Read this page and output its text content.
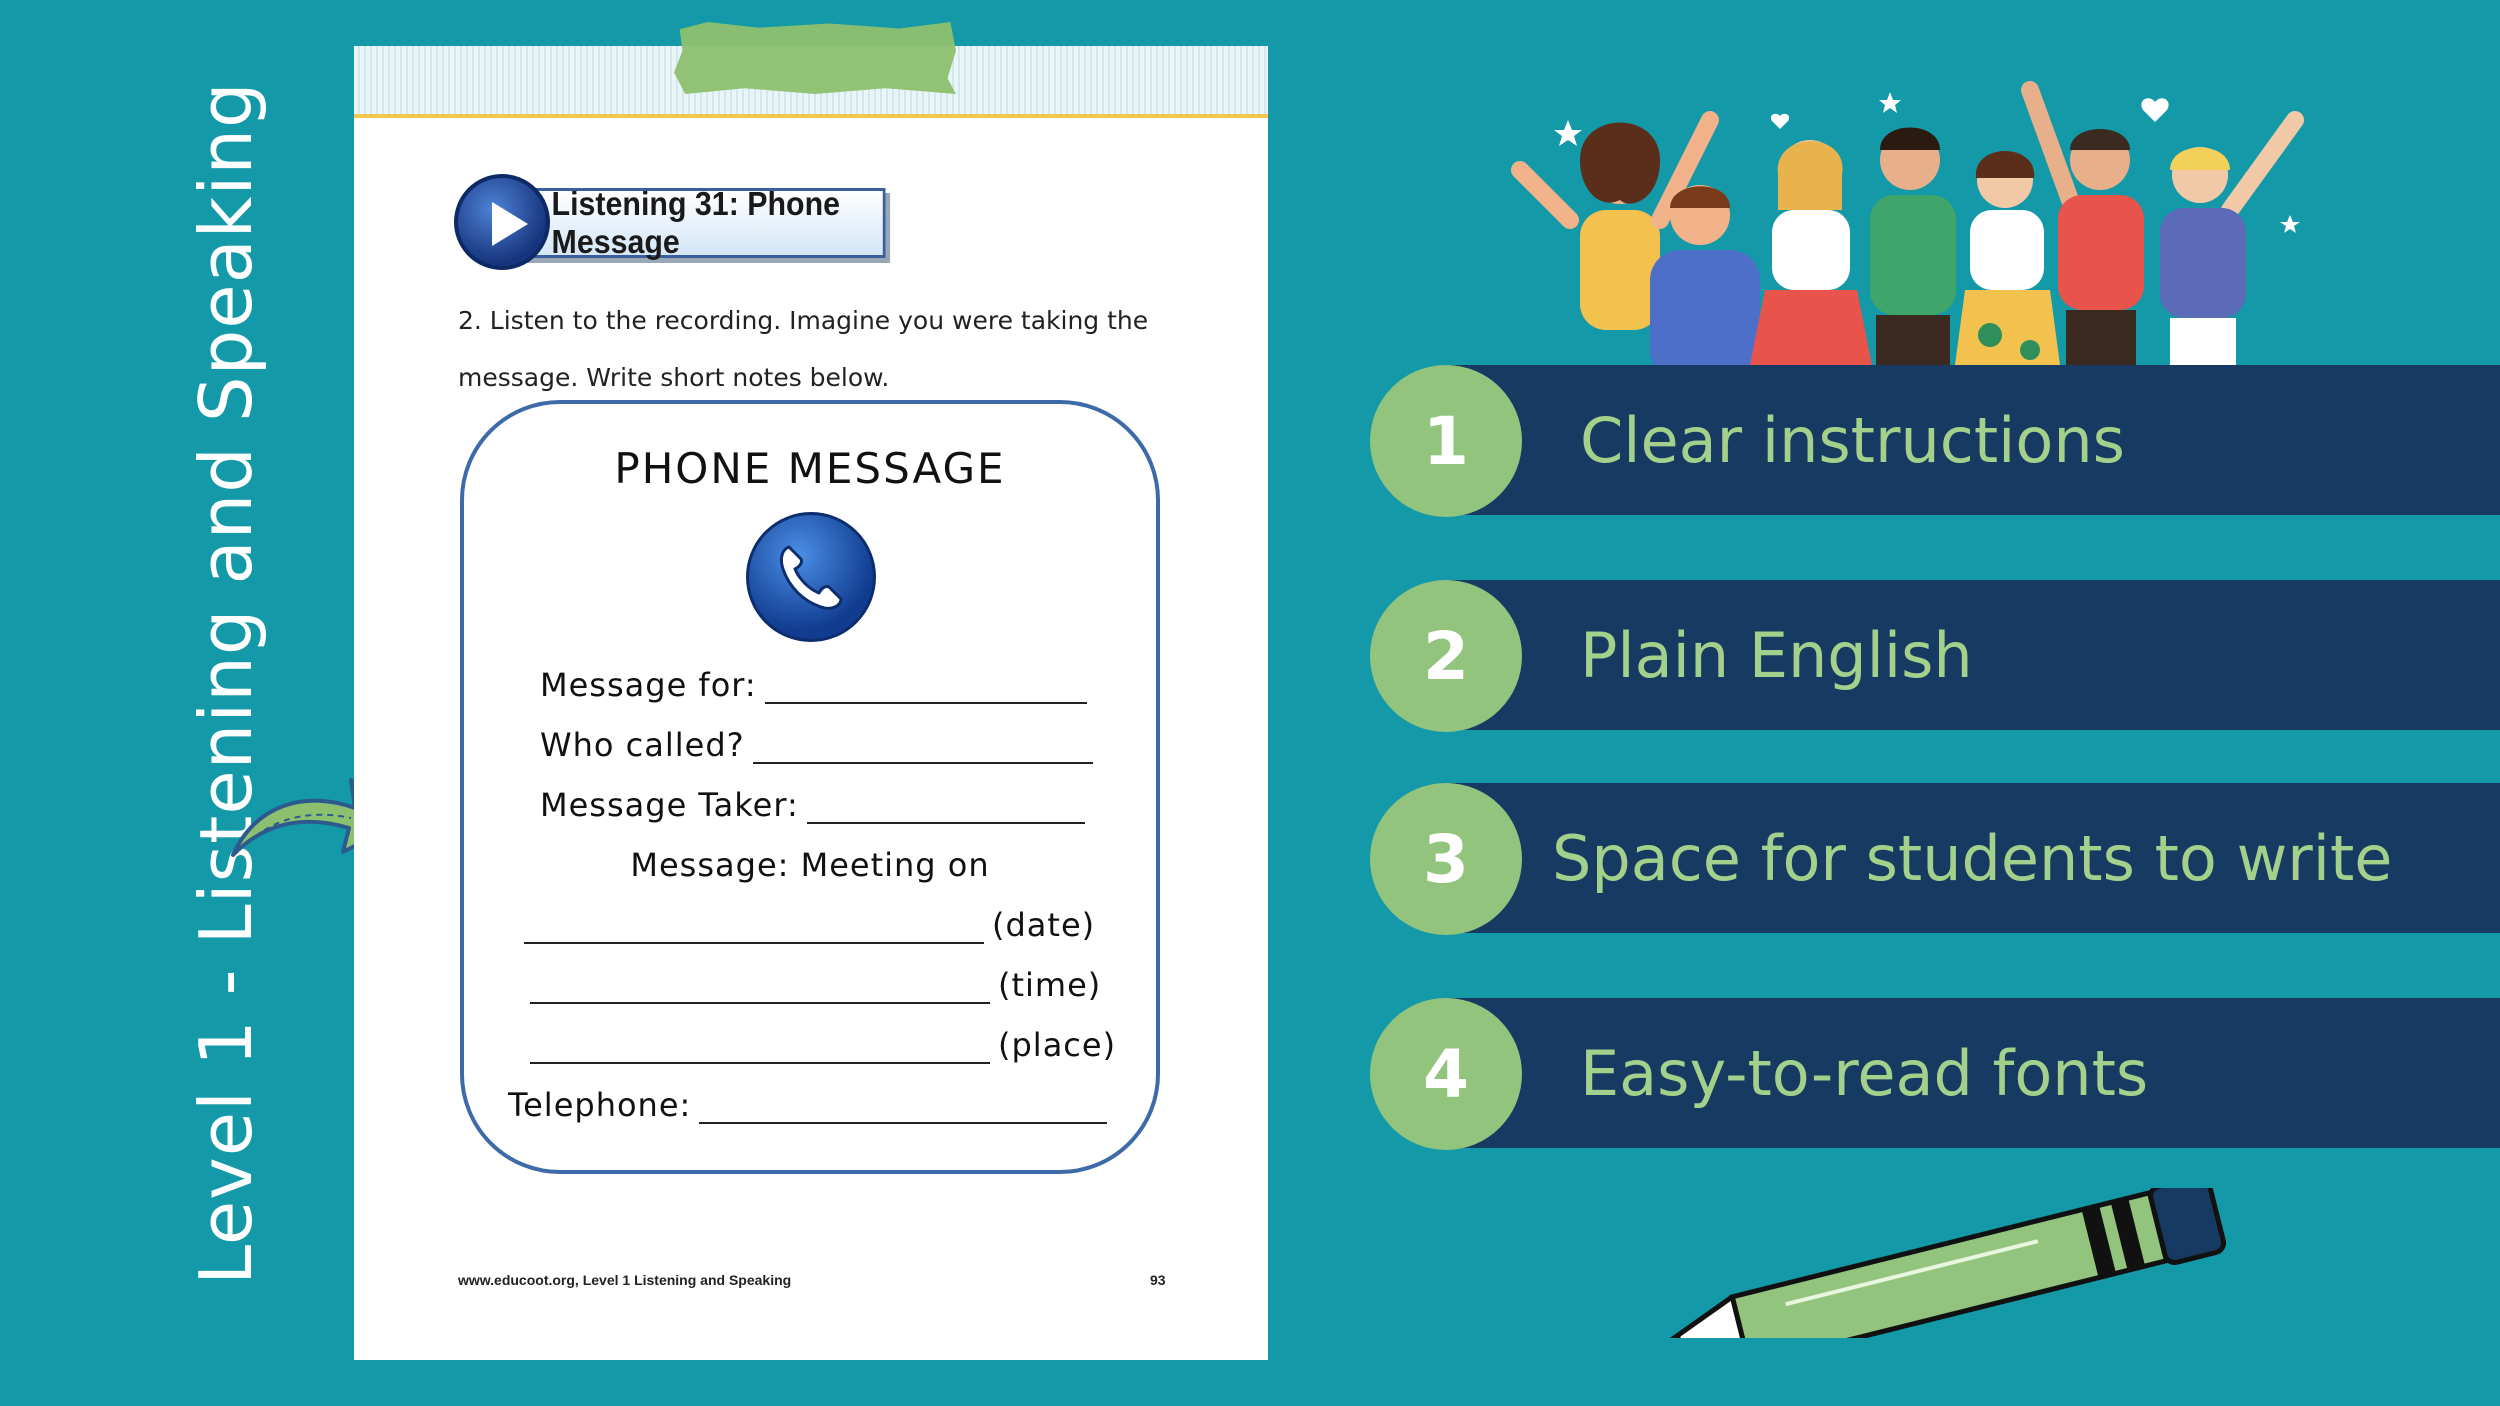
Level 1 - Listening and Speaking	Listening 31: Phone Message
2. Listen to the recording. Imagine you were taking the
message. Write short notes below.
PHONE MESSAGE
Message for:
Who called?
Message Taker:
Message: Meeting on
(date)
(time)
(place)
Telephone:
www.educoot.org, Level 1 Listening and Speaking	93
1	Clear instructions
2	Plain English
3	Space for students to write
4	Easy-to-read fonts
